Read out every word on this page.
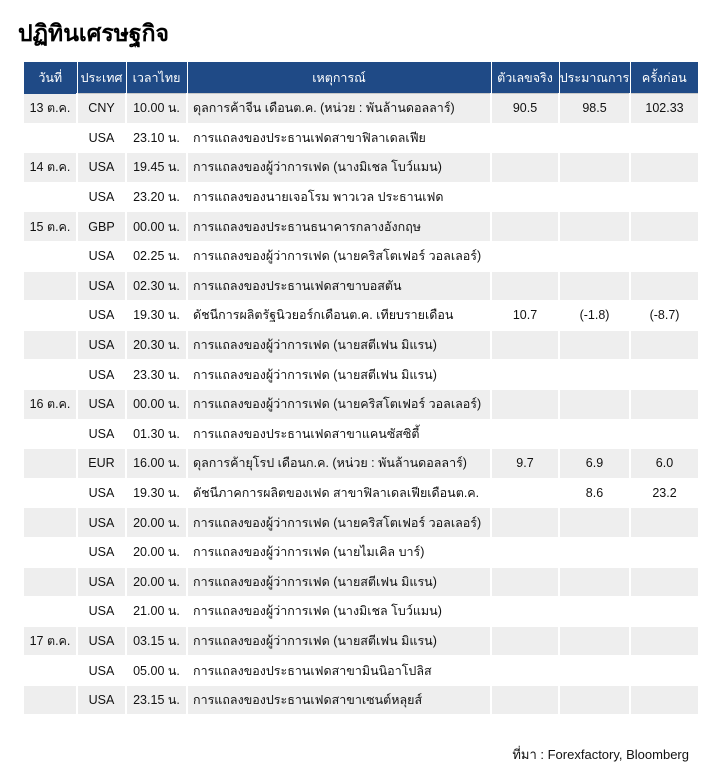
ปฏิทินเศรษฐกิจ
วันที่	ประเทศ	เวลาไทย	เหตุการณ์	ตัวเลขจริง	ประมาณการ	ครั้งก่อน
13 ต.ค.	CNY	10.00 น.	ดุลการค้าจีน เดือนต.ค. (หน่วย : พันล้านดอลลาร์)	90.5	98.5	102.33
	USA	23.10 น.	การแถลงของประธานเฟดสาขาฟิลาเดลเฟีย			
14 ต.ค.	USA	19.45 น.	การแถลงของผู้ว่าการเฟด (นางมิเชล โบว์แมน)			
	USA	23.20 น.	การแถลงของนายเจอโรม พาวเวล ประธานเฟด			
15 ต.ค.	GBP	00.00 น.	การแถลงของประธานธนาคารกลางอังกฤษ			
	USA	02.25 น.	การแถลงของผู้ว่าการเฟด (นายคริสโตเฟอร์ วอลเลอร์)			
	USA	02.30 น.	การแถลงของประธานเฟดสาขาบอสตัน			
	USA	19.30 น.	ดัชนีการผลิตรัฐนิวยอร์กเดือนต.ค. เทียบรายเดือน	10.7	(-1.8)	(-8.7)
	USA	20.30 น.	การแถลงของผู้ว่าการเฟด (นายสตีเฟน มิแรน)			
	USA	23.30 น.	การแถลงของผู้ว่าการเฟด (นายสตีเฟน มิแรน)			
16 ต.ค.	USA	00.00 น.	การแถลงของผู้ว่าการเฟด (นายคริสโตเฟอร์ วอลเลอร์)			
	USA	01.30 น.	การแถลงของประธานเฟดสาขาแคนซัสซิตี้			
	EUR	16.00 น.	ดุลการค้ายุโรป เดือนก.ค. (หน่วย : พันล้านดอลลาร์)	9.7	6.9	6.0
	USA	19.30 น.	ดัชนีภาคการผลิตของเฟด สาขาฟิลาเดลเฟียเดือนต.ค.		8.6	23.2
	USA	20.00 น.	การแถลงของผู้ว่าการเฟด (นายคริสโตเฟอร์ วอลเลอร์)			
	USA	20.00 น.	การแถลงของผู้ว่าการเฟด (นายไมเคิล บาร์)			
	USA	20.00 น.	การแถลงของผู้ว่าการเฟด (นายสตีเฟน มิแรน)			
	USA	21.00 น.	การแถลงของผู้ว่าการเฟด (นางมิเชล โบว์แมน)			
17 ต.ค.	USA	03.15 น.	การแถลงของผู้ว่าการเฟด (นายสตีเฟน มิแรน)			
	USA	05.00 น.	การแถลงของประธานเฟดสาขามินนิอาโปลิส			
	USA	23.15 น.	การแถลงของประธานเฟดสาขาเซนต์หลุยส์			
ที่มา : Forexfactory, Bloomberg
